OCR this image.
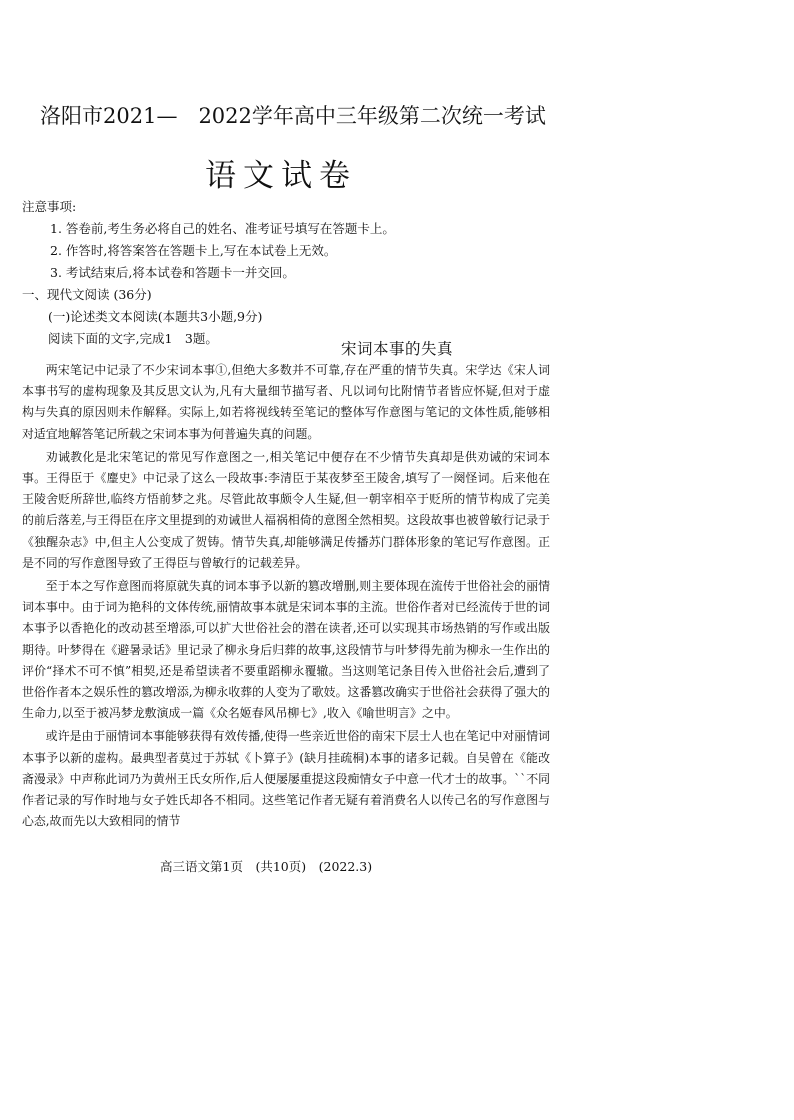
洛阳市2021—　2022学年高中三年级第二次统一考试
语文试卷
注意事项:
1. 答卷前,考生务必将自己的姓名、准考证号填写在答题卡上。
2. 作答时,将答案答在答题卡上,写在本试卷上无效。
3. 考试结束后,将本试卷和答题卡一并交回。
一、现代文阅读 (36分)
(一)论述类文本阅读(本题共3小题,9分)
阅读下面的文字,完成1　3题。
宋词本事的失真

两宋笔记中记录了不少宋词本事①,但绝大多数并不可靠,存在严重的情节失真。宋学达《宋人词本事书写的虚构现象及其反思文认为,凡有大量细节描写者、凡以词句比附情节者皆应怀疑,但对于虚构与失真的原因则未作解释。实际上,如若将视线转至笔记的整体写作意图与笔记的文体性质,能够相对适宜地解答笔记所载之宋词本事为何普遍失真的问题。

劝诫教化是北宋笔记的常见写作意图之一,相关笔记中便存在不少情节失真却是供劝诫的宋词本事。王得臣于《麈史》中记录了这么一段故事:李清臣于某夜梦至王陵舍,填写了一阕怪词。后来他在王陵舍贬所辞世,临终方悟前梦之兆。尽管此故事颇令人生疑,但一朝宰相卒于贬所的情节构成了完美的前后落差,与王得臣在序文里提到的劝诫世人福祸相倚的意图全然相契。这段故事也被曾敏行记录于《独醒杂志》中,但主人公变成了贺铸。情节失真,却能够满足传播苏门群体形象的笔记写作意图。正是不同的写作意图导致了王得臣与曾敏行的记载差异。

至于本之写作意图而将原就失真的词本事予以新的篡改增删,则主要体现在流传于世俗社会的丽情词本事中。由于词为艳科的文体传统,丽情故事本就是宋词本事的主流。世俗作者对已经流传于世的词本事予以香艳化的改动甚至增添,可以扩大世俗社会的潜在读者,还可以实现其市场热销的写作或出版期待。叶梦得在《避暑录话》里记录了柳永身后归葬的故事,这段情节与叶梦得先前为柳永一生作出的评价“择术不可不慎”相契,还是希望读者不要重蹈柳永覆辙。当这则笔记条目传入世俗社会后,遭到了世俗作者本之娱乐性的篡改增添,为柳永收葬的人变为了歌妓。这番篡改确实于世俗社会获得了强大的生命力,以至于被冯梦龙敷演成一篇《众名姬春风吊柳七》,收入《喻世明言》之中。

或许是由于丽情词本事能够获得有效传播,使得一些亲近世俗的南宋下层士人也在笔记中对丽情词本事予以新的虚构。最典型者莫过于苏轼《卜算子》(缺月挂疏桐)本事的诸多记载。自吴曾在《能改斋漫录》中声称此词乃为黄州王氏女所作,后人便屡屡重提这段痴情女子中意一代才士的故事。``不同作者记录的写作时地与女子姓氏却各不相同。这些笔记作者无疑有着消费名人以传己名的写作意图与心态,故而先以大致相同的情节

高三语文第1页　(共10页)　(2022.3)
